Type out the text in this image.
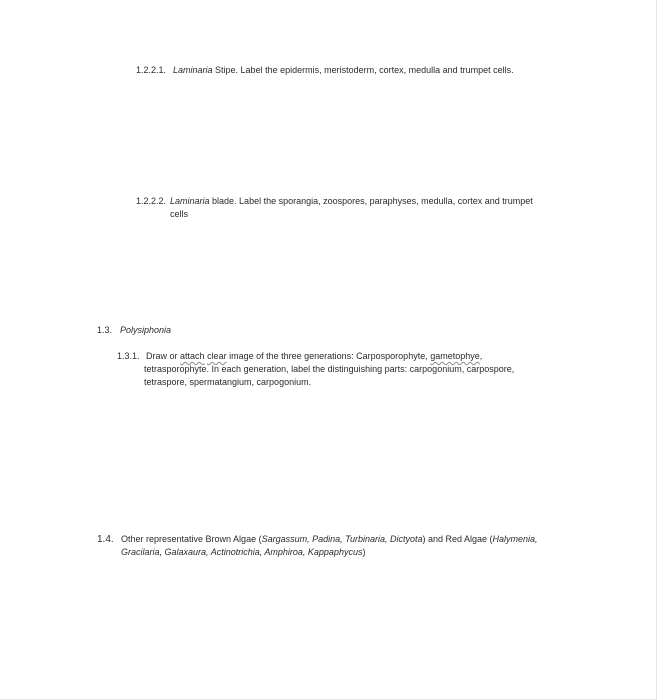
1.2.2.1. Laminaria Stipe. Label the epidermis, meristoderm, cortex, medulla and trumpet cells.
1.2.2.2. Laminaria blade. Label the sporangia, zoospores, paraphyses, medulla, cortex and trumpet
cells
1.3. Polysiphonia
1.3.1. Draw or attach clear image of the three generations: Carposporophyte, gametophye,
tetrasporophyte. In each generation, label the distinguishing parts: carpogonium, carpospore,
tetraspore, spermatangium, carpogonium.
1.4. Other representative Brown Algae (Sargassum, Padina, Turbinaria, Dictyota) and Red Algae (Halymenia,
Gracilaria, Galaxaura, Actinotrichia, Amphiroa, Kappaphycus)
